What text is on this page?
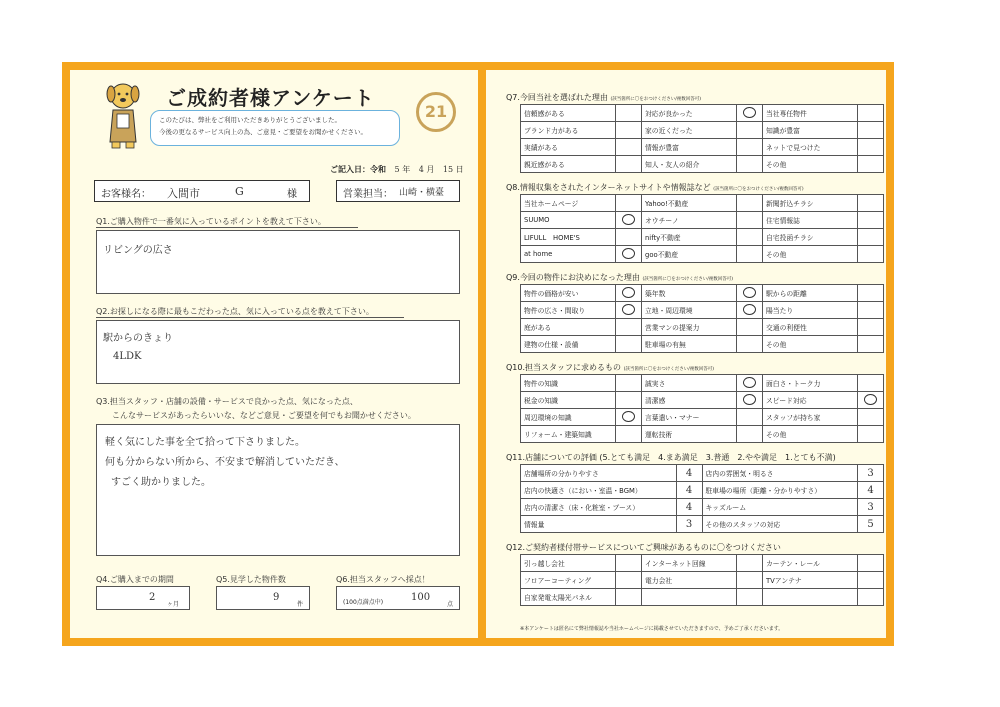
ご成約者様アンケート
このたびは、弊社をご利用いただきありがとうございました。
今後の更なるサービス向上の為、ご意見・ご要望をお聞かせください。
21
ご記入日：令和 5 年 4 月 15 日
お客様名： 入間市	G	様	営業担当： 山崎・横臺
Q1.ご購入物件で一番気に入っているポイントを教えて下さい。
リビングの広さ
Q2.お探しになる際に最もこだわった点、気に入っている点を教えて下さい。
駅からのきょり
4LDK
Q3.担当スタッフ・店舗の設備・サービスで良かった点、気になった点、
こんなサービスがあったらいいな、などご意見・ご要望を何でもお聞かせください。
軽く気にした事を全て拾って下さりました。
何も分からない所から、不安まで解消していただき、
すごく助かりました。
Q4.ご購入までの期間
2
ヶ月
Q5.見学した物件数
9
件
Q6.担当スタッフへ採点！
(100点満点中)	100
点
Q7.今回当社を選ばれた理由 (該当箇所に〇をおつけください/複数回答可)
信頼感がある		対応が良かった		当社専任物件	
ブランド力がある		家の近くだった		知識が豊富	
実績がある		情報が豊富		ネットで見つけた	
親近感がある		知人・友人の紹介		その他	
Q8.情報収集をされたインターネットサイトや情報誌など (該当箇所に〇をおつけください/複数回答可)
当社ホームページ		Yahoo!不動産		新聞折込チラシ	
SUUMO		オウチーノ		住宅情報誌	
LIFULL　HOME'S		nifty不動産		自宅投函チラシ	
at home		goo不動産		その他	
Q9.今回の物件にお決めになった理由 (該当箇所に〇をおつけください/複数回答可)
物件の価格が安い		築年数		駅からの距離	
物件の広さ・間取り		立地・周辺環境		陽当たり	
庭がある		営業マンの提案力		交通の利便性	
建物の仕様・設備		駐車場の有無		その他	
Q10.担当スタッフに求めるもの (該当箇所に〇をおつけください/複数回答可)
物件の知識		誠実さ		面白さ・トーク力	
税金の知識		清潔感		スピード対応	
周辺環境の知識		言葉遣い・マナー		スタッフが持ち家	
リフォーム・建築知識		運転技術		その他	
Q11.店舗についての評価 (5.とても満足　4.まあ満足　3.普通　2.やや満足　1.とても不満)
店舗場所の分かりやすさ	4	店内の雰囲気・明るさ	3
店内の快適さ（におい・室温・BGM）	4	駐車場の場所（距離・分かりやすさ）	4
店内の清潔さ（床・化粧室・ブース）	4	キッズルーム	3
情報量	3	その他のスタッフの対応	5
Q12.ご契約者様付帯サービスについてご興味があるものに〇をつけください
引っ越し会社		インターネット回線		カーテン・レール	
フロアーコーティング		電力会社		TVアンテナ	
自家発電太陽光パネル					
※本アンケートは匿名にて弊社情報誌や当社ホームページに掲載させていただきますので、予めご了承くださいます。
